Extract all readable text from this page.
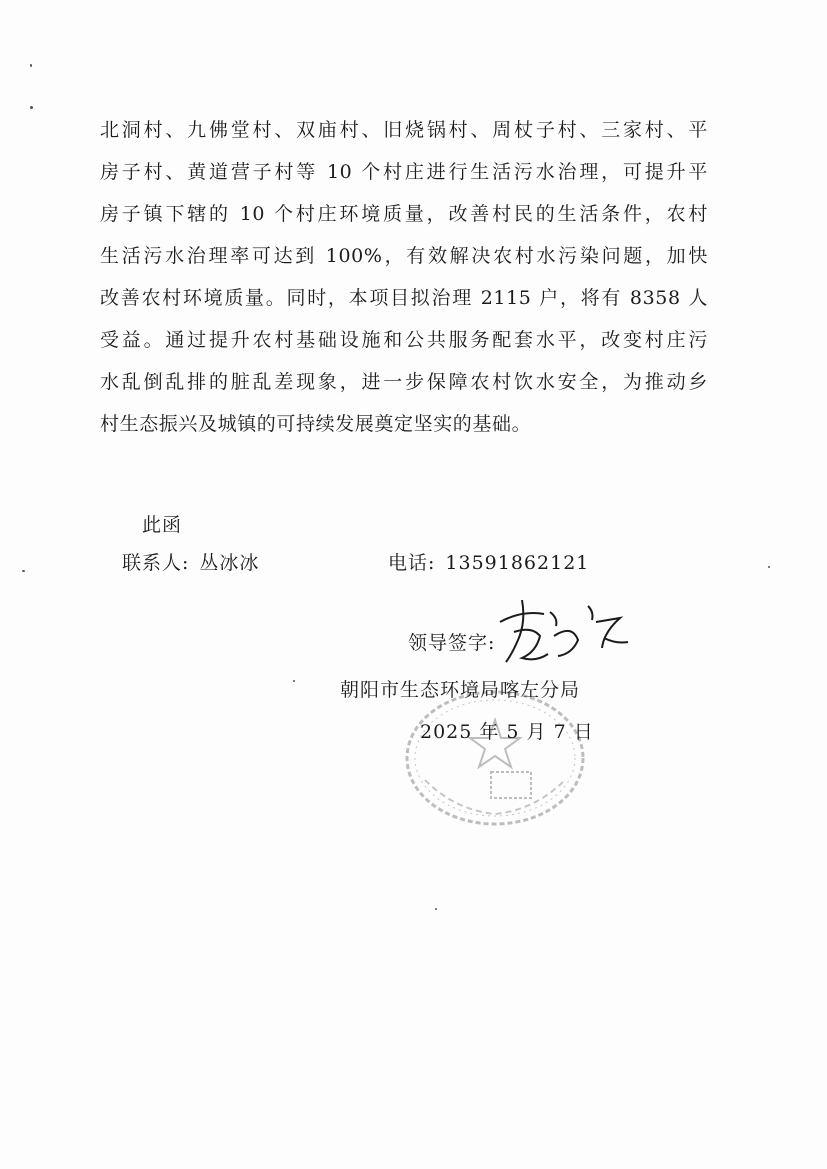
北洞村、九佛堂村、双庙村、旧烧锅村、周杖子村、三家村、平
房子村、黄道营子村等 10 个村庄进行生活污水治理，可提升平
房子镇下辖的 10 个村庄环境质量，改善村民的生活条件，农村
生活污水治理率可达到 100%，有效解决农村水污染问题，加快
改善农村环境质量。同时，本项目拟治理 2115 户，将有 8358 人
受益。通过提升农村基础设施和公共服务配套水平，改变村庄污
水乱倒乱排的脏乱差现象，进一步保障农村饮水安全，为推动乡
村生态振兴及城镇的可持续发展奠定坚实的基础。
此函
联系人: 丛冰冰	电话: 13591862121
领导签字:
朝阳市生态环境局喀左分局
2025 年 5 月 7 日
